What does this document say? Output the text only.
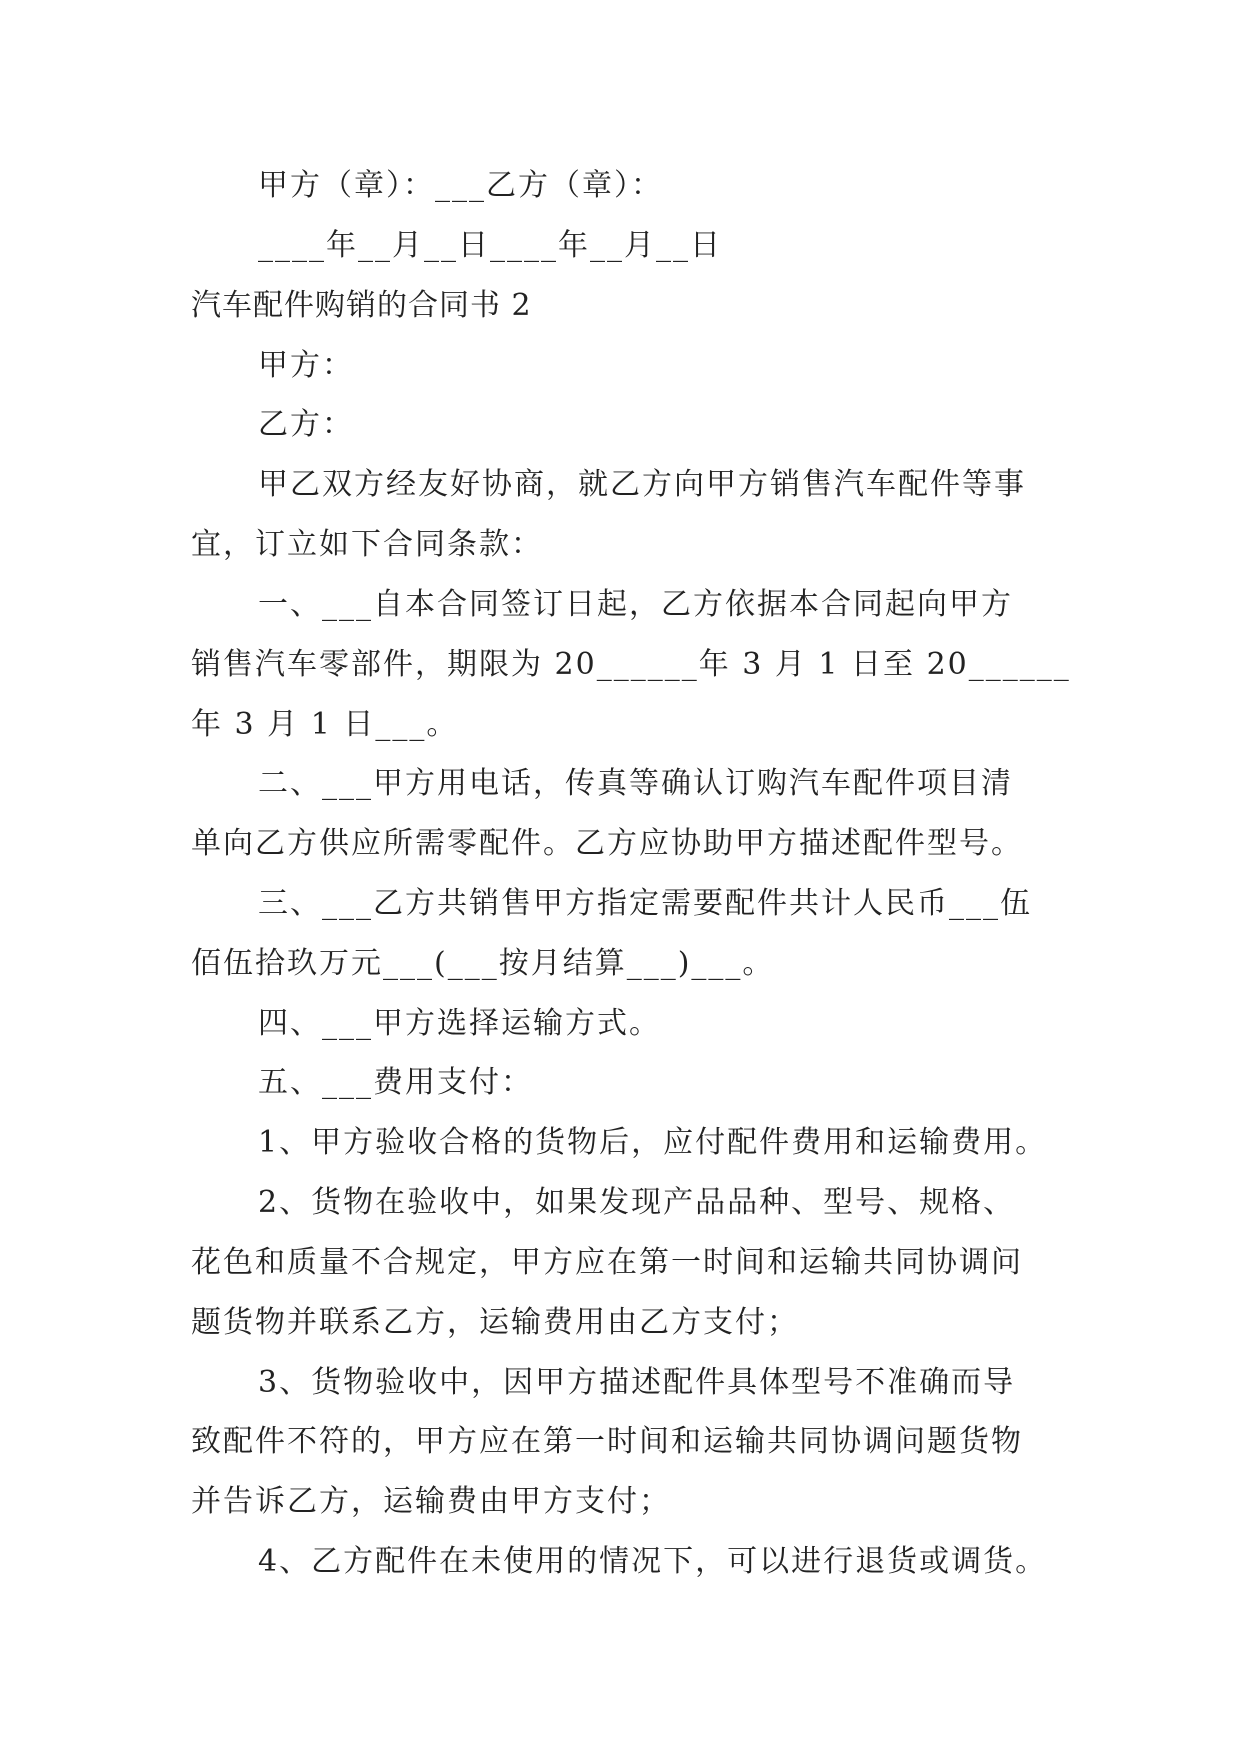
甲方（章）：___乙方（章）：
____年__月__日____年__月__日
汽车配件购销的合同书 2
甲方：
乙方：
甲乙双方经友好协商，就乙方向甲方销售汽车配件等事
宜，订立如下合同条款：
一、___自本合同签订日起，乙方依据本合同起向甲方
销售汽车零部件，期限为 20______年 3 月 1 日至 20______
年 3 月 1 日___。
二、___甲方用电话，传真等确认订购汽车配件项目清
单向乙方供应所需零配件。乙方应协助甲方描述配件型号。
三、___乙方共销售甲方指定需要配件共计人民币___伍
佰伍拾玖万元___(___按月结算___)___。
四、___甲方选择运输方式。
五、___费用支付：
1、甲方验收合格的货物后，应付配件费用和运输费用。
2、货物在验收中，如果发现产品品种、型号、规格、
花色和质量不合规定，甲方应在第一时间和运输共同协调问
题货物并联系乙方，运输费用由乙方支付；
3、货物验收中，因甲方描述配件具体型号不准确而导
致配件不符的，甲方应在第一时间和运输共同协调问题货物
并告诉乙方，运输费由甲方支付；
4、乙方配件在未使用的情况下，可以进行退货或调货。
